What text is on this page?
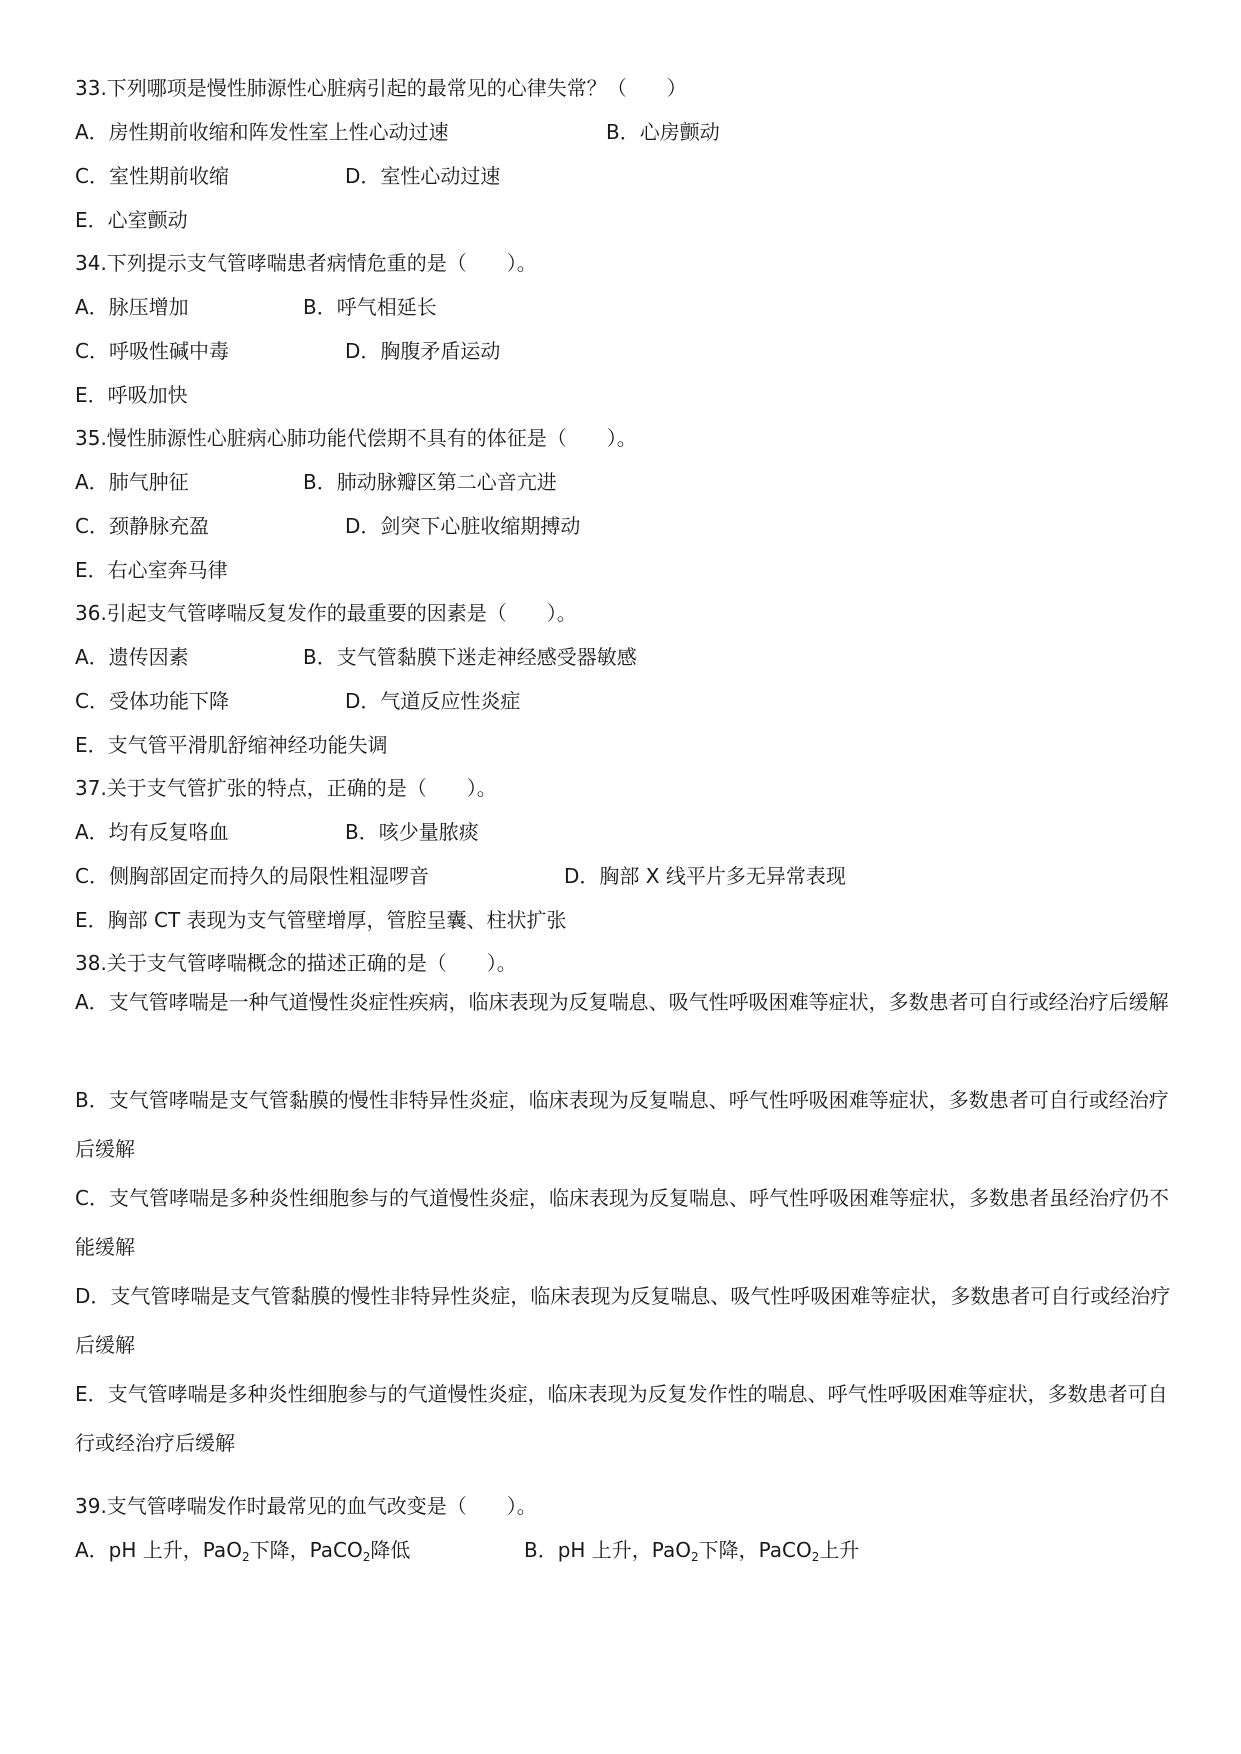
33.下列哪项是慢性肺源性心脏病引起的最常见的心律失常？（　　）

A．房性期前收缩和阵发性室上性心动过速	B．心房颤动

C．室性期前收缩	D．室性心动过速

E．心室颤动

34.下列提示支气管哮喘患者病情危重的是（　　）。

A．脉压增加	B．呼气相延长

C．呼吸性碱中毒	D．胸腹矛盾运动

E．呼吸加快

35.慢性肺源性心脏病心肺功能代偿期不具有的体征是（　　）。

A．肺气肿征	B．肺动脉瓣区第二心音亢进

C．颈静脉充盈	D．剑突下心脏收缩期搏动

E．右心室奔马律

36.引起支气管哮喘反复发作的最重要的因素是（　　）。

A．遗传因素	B．支气管黏膜下迷走神经感受器敏感

C．受体功能下降	D．气道反应性炎症

E．支气管平滑肌舒缩神经功能失调

37.关于支气管扩张的特点，正确的是（　　）。

A．均有反复咯血	B．咳少量脓痰

C．侧胸部固定而持久的局限性粗湿啰音	D．胸部 X 线平片多无异常表现

E．胸部 CT 表现为支气管壁增厚，管腔呈囊、柱状扩张

38.关于支气管哮喘概念的描述正确的是（　　）。

A．支气管哮喘是一种气道慢性炎症性疾病，临床表现为反复喘息、吸气性呼吸困难等症状，多数患者可自行或经治疗后缓解

B．支气管哮喘是支气管黏膜的慢性非特异性炎症，临床表现为反复喘息、呼气性呼吸困难等症状，多数患者可自行或经治疗后缓解

C．支气管哮喘是多种炎性细胞参与的气道慢性炎症，临床表现为反复喘息、呼气性呼吸困难等症状，多数患者虽经治疗仍不能缓解

D．支气管哮喘是支气管黏膜的慢性非特异性炎症，临床表现为反复喘息、吸气性呼吸困难等症状，多数患者可自行或经治疗后缓解

E．支气管哮喘是多种炎性细胞参与的气道慢性炎症，临床表现为反复发作性的喘息、呼气性呼吸困难等症状，多数患者可自行或经治疗后缓解

39.支气管哮喘发作时最常见的血气改变是（　　）。

A．pH 上升，PaO$_2$下降，PaCO$_2$降低	B．pH 上升，PaO$_2$下降，PaCO$_2$上升
